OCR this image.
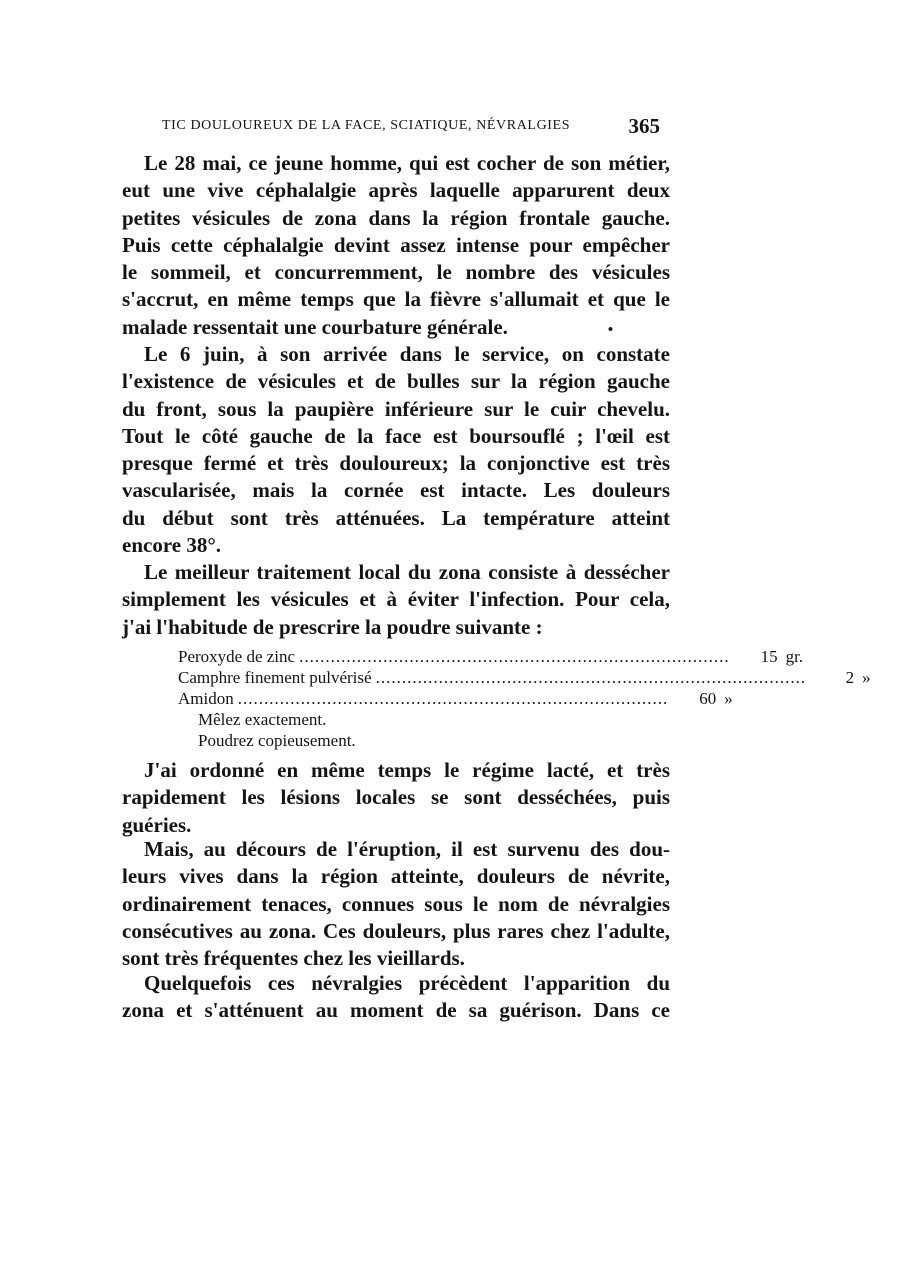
TIC DOULOUREUX DE LA FACE, SCIATIQUE, NÉVRALGIES	365
Le 28 mai, ce jeune homme, qui est cocher de son métier,
eut une vive céphalalgie après laquelle apparurent deux
petites vésicules de zona dans la région frontale gauche.
Puis cette céphalalgie devint assez intense pour empêcher
le sommeil, et concurremment, le nombre des vésicules
s'accrut, en même temps que la fièvre s'allumait et que le
malade ressentait une courbature générale.	•
Le 6 juin, à son arrivée dans le service, on constate
l'existence de vésicules et de bulles sur la région gauche
du front, sous la paupière inférieure sur le cuir chevelu.
Tout le côté gauche de la face est boursouflé ; l'œil est
presque fermé et très douloureux; la conjonctive est très
vascularisée, mais la cornée est intacte. Les douleurs
du début sont très atténuées. La température atteint
encore 38°.
Le meilleur traitement local du zona consiste à dessécher
simplement les vésicules et à éviter l'infection. Pour cela,
j'ai l'habitude de prescrire la poudre suivante :
Peroxyde de zinc ..................................................................................	15 gr.
Camphre finement pulvérisé ..................................................................................	2 »
Amidon ..................................................................................	60 »
Mêlez exactement.
Poudrez copieusement.
J'ai ordonné en même temps le régime lacté, et très
rapidement les lésions locales se sont desséchées, puis
guéries.
Mais, au décours de l'éruption, il est survenu des dou-
leurs vives dans la région atteinte, douleurs de névrite,
ordinairement tenaces, connues sous le nom de névralgies
consécutives au zona. Ces douleurs, plus rares chez l'adulte,
sont très fréquentes chez les vieillards.
Quelquefois ces névralgies précèdent l'apparition du
zona et s'atténuent au moment de sa guérison. Dans ce
